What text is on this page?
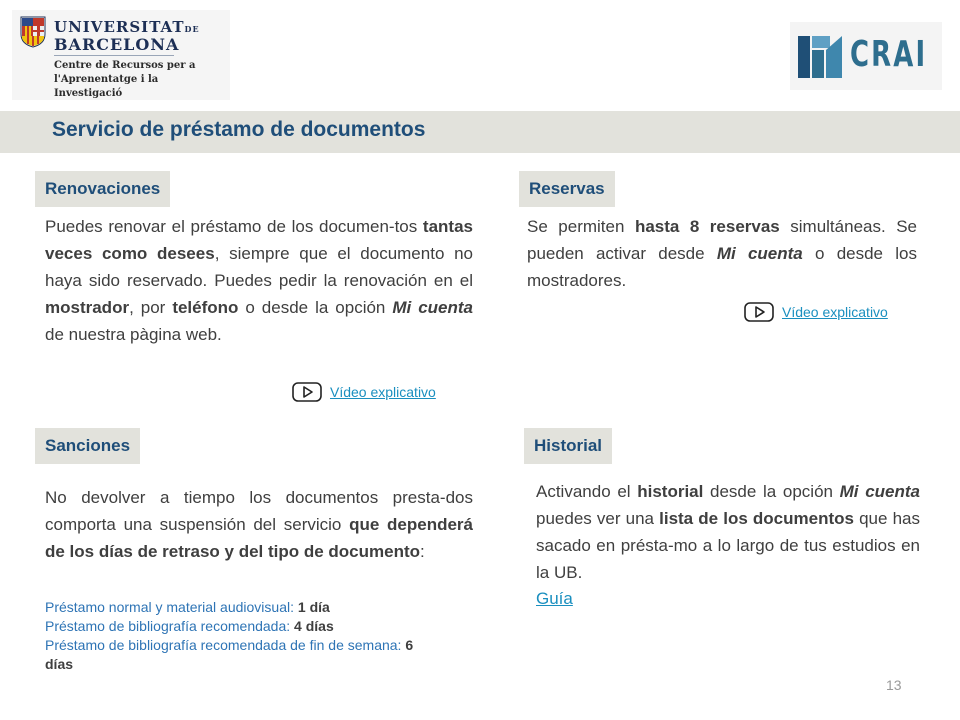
UNIVERSITATDE
BARCELONA
Centre de Recursos per a
l'Aprenentatge i la Investigació
CRAI
Servicio de préstamo de documentos
Renovaciones
Puedes renovar el préstamo de los documen-tos tantas veces como desees, siempre que el documento no haya sido reservado. Puedes pedir la renovación en el mostrador, por teléfono o desde la opción Mi cuenta de nuestra pàgina web.
Vídeo explicativo
Reservas
Se permiten hasta 8 reservas simultáneas. Se pueden activar desde Mi cuenta o desde los mostradores.
Vídeo explicativo
Sanciones
No devolver a tiempo los documentos presta-dos comporta una suspensión del servicio que dependerá de los días de retraso y del tipo de documento:
Préstamo normal y material audiovisual: 1 día
Préstamo de bibliografía recomendada: 4 días
Préstamo de bibliografía recomendada de fin de semana: 6 días
Historial
Activando el historial desde la opción Mi cuenta puedes ver una lista de los documentos que has sacado en présta-mo a lo largo de tus estudios en la UB.
Guía
13
